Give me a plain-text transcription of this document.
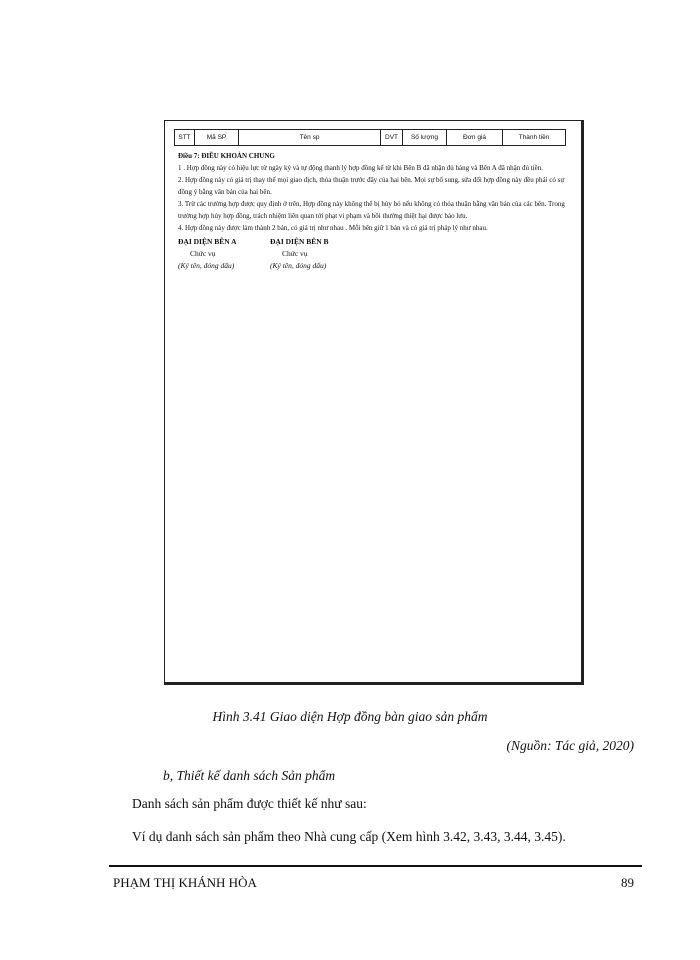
STT	Mã SP	Tên sp	DVT	Số lượng	Đơn giá	Thành tiền

Điều 7: ĐIỀU KHOẢN CHUNG

1 . Hợp đồng này có hiệu lực từ ngày ký và tự động thanh lý hợp đồng kể từ khi Bên B đã nhận đủ hàng và Bên A đã nhận đủ tiền.

2. Hợp đồng này có giá trị thay thế mọi giao dịch, thỏa thuận trước đây của hai bên. Mọi sự bổ sung, sửa đổi hợp đồng này đều phải có sự đồng ý bằng văn bản của hai bên.

3. Trừ các trường hợp được quy định ở trên, Hợp đồng này không thể bị hủy bỏ nếu không có thỏa thuận bằng văn bản của các bên. Trong trường hợp hủy hợp đồng, trách nhiệm liên quan tới phạt vi phạm và bồi thường thiệt hại được bảo lưu.

4. Hợp đồng này được làm thành 2 bản, có giá trị như nhau . Mỗi bên giữ 1 bản và có giá trị pháp lý như nhau.

ĐẠI DIỆN BÊN A
Chức vụ
(Ký tên, đóng dấu)
ĐẠI DIỆN BÊN B
Chức vụ
(Ký tên, đóng dấu)
Hình 3.41 Giao diện Hợp đồng bàn giao sản phẩm
(Nguồn: Tác giả, 2020)
b, Thiết kế danh sách Sản phẩm
Danh sách sản phẩm được thiết kế như sau:
Ví dụ danh sách sản phẩm theo Nhà cung cấp (Xem hình 3.42, 3.43, 3.44, 3.45).
PHẠM THỊ KHÁNH HÒA	89
